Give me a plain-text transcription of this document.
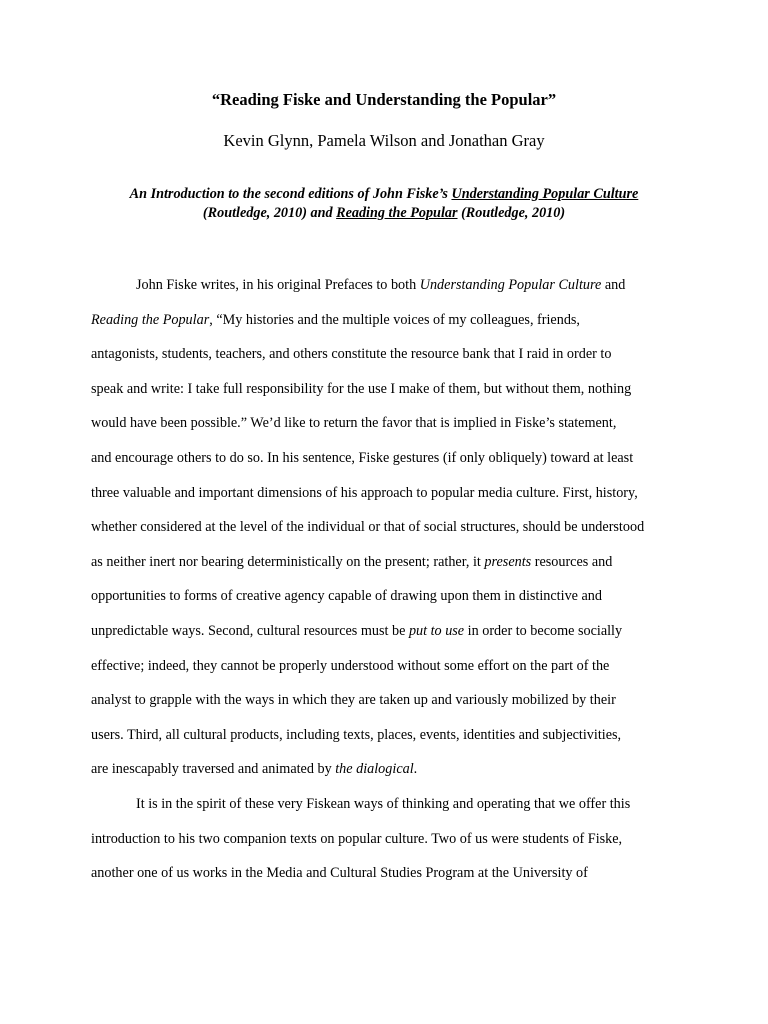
“Reading Fiske and Understanding the Popular”
Kevin Glynn, Pamela Wilson and Jonathan Gray
An Introduction to the second editions of John Fiske’s Understanding Popular Culture
(Routledge, 2010) and Reading the Popular (Routledge, 2010)
John Fiske writes, in his original Prefaces to both Understanding Popular Culture and
Reading the Popular, “My histories and the multiple voices of my colleagues, friends,
antagonists, students, teachers, and others constitute the resource bank that I raid in order to
speak and write: I take full responsibility for the use I make of them, but without them, nothing
would have been possible.” We’d like to return the favor that is implied in Fiske’s statement,
and encourage others to do so. In his sentence, Fiske gestures (if only obliquely) toward at least
three valuable and important dimensions of his approach to popular media culture. First, history,
whether considered at the level of the individual or that of social structures, should be understood
as neither inert nor bearing deterministically on the present; rather, it presents resources and
opportunities to forms of creative agency capable of drawing upon them in distinctive and
unpredictable ways. Second, cultural resources must be put to use in order to become socially
effective; indeed, they cannot be properly understood without some effort on the part of the
analyst to grapple with the ways in which they are taken up and variously mobilized by their
users. Third, all cultural products, including texts, places, events, identities and subjectivities,
are inescapably traversed and animated by the dialogical.
It is in the spirit of these very Fiskean ways of thinking and operating that we offer this
introduction to his two companion texts on popular culture. Two of us were students of Fiske,
another one of us works in the Media and Cultural Studies Program at the University of
